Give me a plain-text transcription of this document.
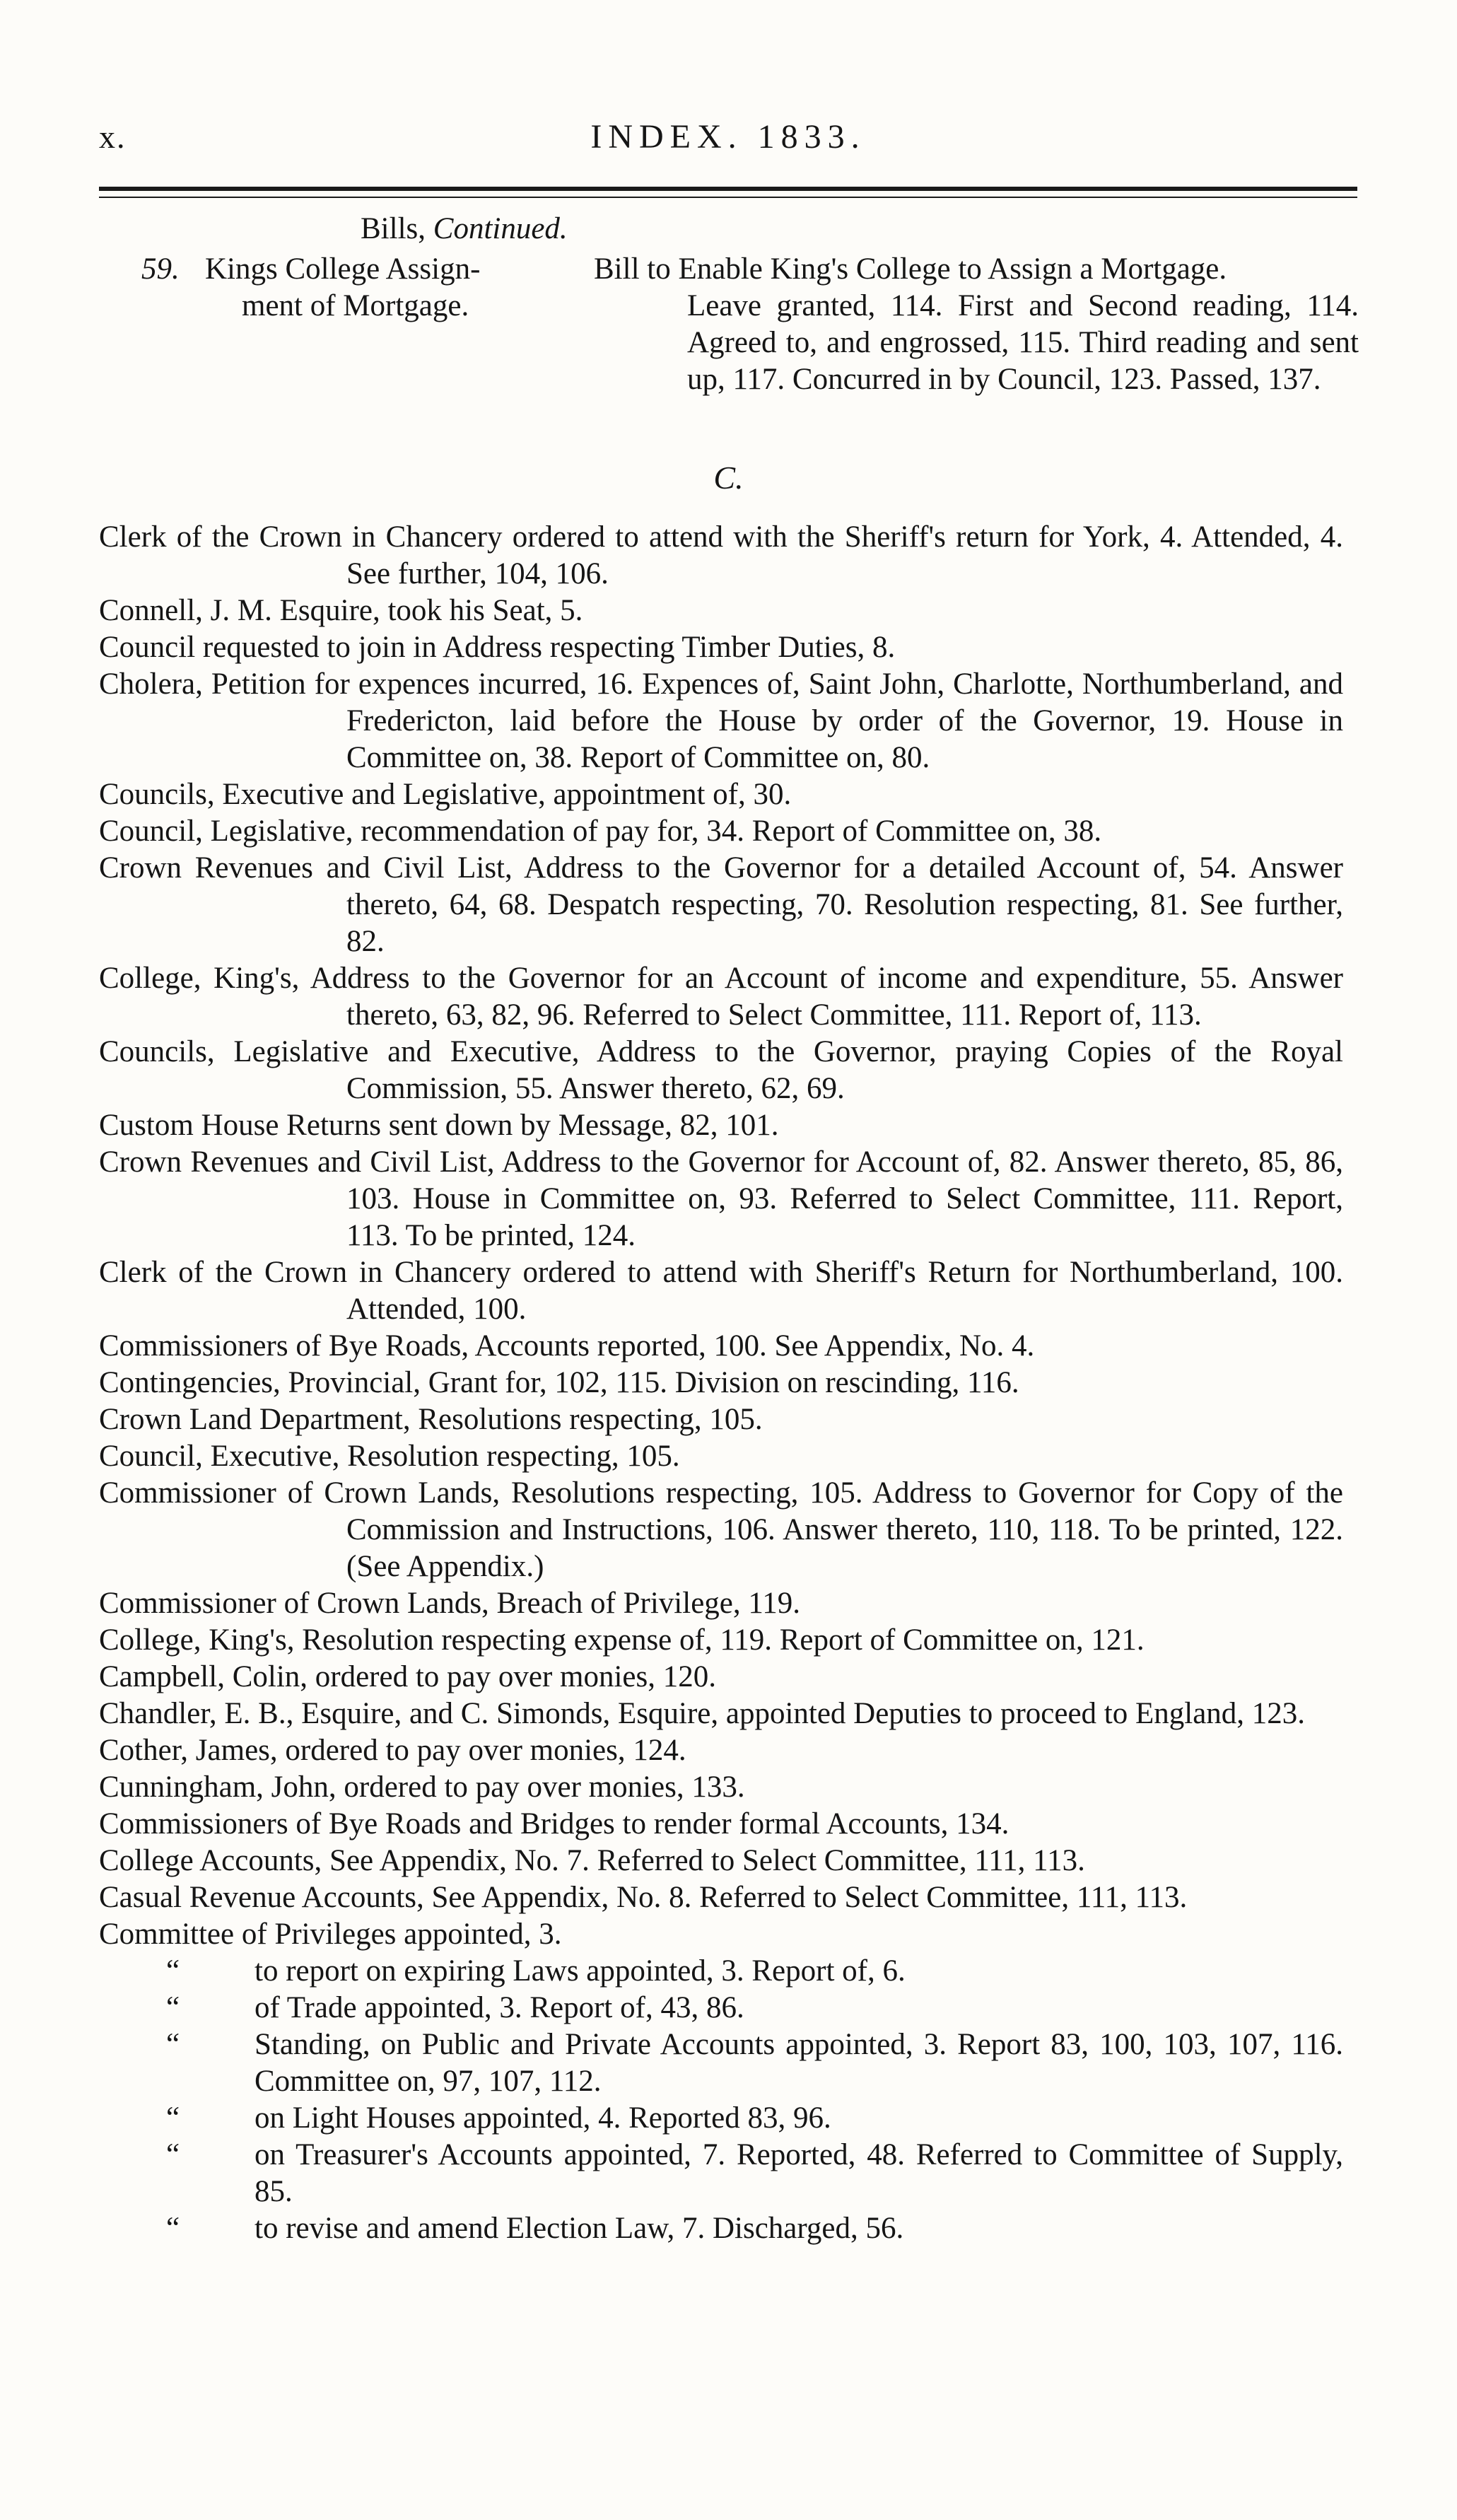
x.	INDEX. 1833.
Bills, Continued.
59. Kings College Assign-
ment of Mortgage.
Bill to Enable King's College to Assign a Mortgage.
Leave granted, 114. First and Second reading, 114. Agreed to, and engrossed, 115. Third reading and sent up, 117. Concurred in by Council, 123. Passed, 137.
C.

Clerk of the Crown in Chancery ordered to attend with the Sheriff's return for York, 4. Attended, 4. See further, 104, 106.

Connell, J. M. Esquire, took his Seat, 5.

Council requested to join in Address respecting Timber Duties, 8.

Cholera, Petition for expences incurred, 16. Expences of, Saint John, Charlotte, Northumberland, and Fredericton, laid before the House by order of the Governor, 19. House in Committee on, 38. Report of Committee on, 80.

Councils, Executive and Legislative, appointment of, 30.

Council, Legislative, recommendation of pay for, 34. Report of Committee on, 38.

Crown Revenues and Civil List, Address to the Governor for a detailed Account of, 54. Answer thereto, 64, 68. Despatch respecting, 70. Resolution respecting, 81. See further, 82.

College, King's, Address to the Governor for an Account of income and expenditure, 55. Answer thereto, 63, 82, 96. Referred to Select Committee, 111. Report of, 113.

Councils, Legislative and Executive, Address to the Governor, praying Copies of the Royal Commission, 55. Answer thereto, 62, 69.

Custom House Returns sent down by Message, 82, 101.

Crown Revenues and Civil List, Address to the Governor for Account of, 82. Answer thereto, 85, 86, 103. House in Committee on, 93. Referred to Select Committee, 111. Report, 113. To be printed, 124.

Clerk of the Crown in Chancery ordered to attend with Sheriff's Return for Northumberland, 100. Attended, 100.

Commissioners of Bye Roads, Accounts reported, 100. See Appendix, No. 4.

Contingencies, Provincial, Grant for, 102, 115. Division on rescinding, 116.

Crown Land Department, Resolutions respecting, 105.

Council, Executive, Resolution respecting, 105.

Commissioner of Crown Lands, Resolutions respecting, 105. Address to Governor for Copy of the Commission and Instructions, 106. Answer thereto, 110, 118. To be printed, 122. (See Appendix.)

Commissioner of Crown Lands, Breach of Privilege, 119.

College, King's, Resolution respecting expense of, 119. Report of Committee on, 121.

Campbell, Colin, ordered to pay over monies, 120.

Chandler, E. B., Esquire, and C. Simonds, Esquire, appointed Deputies to proceed to England, 123.

Cother, James, ordered to pay over monies, 124.

Cunningham, John, ordered to pay over monies, 133.

Commissioners of Bye Roads and Bridges to render formal Accounts, 134.

College Accounts, See Appendix, No. 7. Referred to Select Committee, 111, 113.

Casual Revenue Accounts, See Appendix, No. 8. Referred to Select Committee, 111, 113.

Committee of Privileges appointed, 3.

“ to report on expiring Laws appointed, 3. Report of, 6.

“ of Trade appointed, 3. Report of, 43, 86.

“ Standing, on Public and Private Accounts appointed, 3. Report 83, 100, 103, 107, 116. Committee on, 97, 107, 112.

“ on Light Houses appointed, 4. Reported 83, 96.

“ on Treasurer's Accounts appointed, 7. Reported, 48. Referred to Committee of Supply, 85.

“ to revise and amend Election Law, 7. Discharged, 56.
